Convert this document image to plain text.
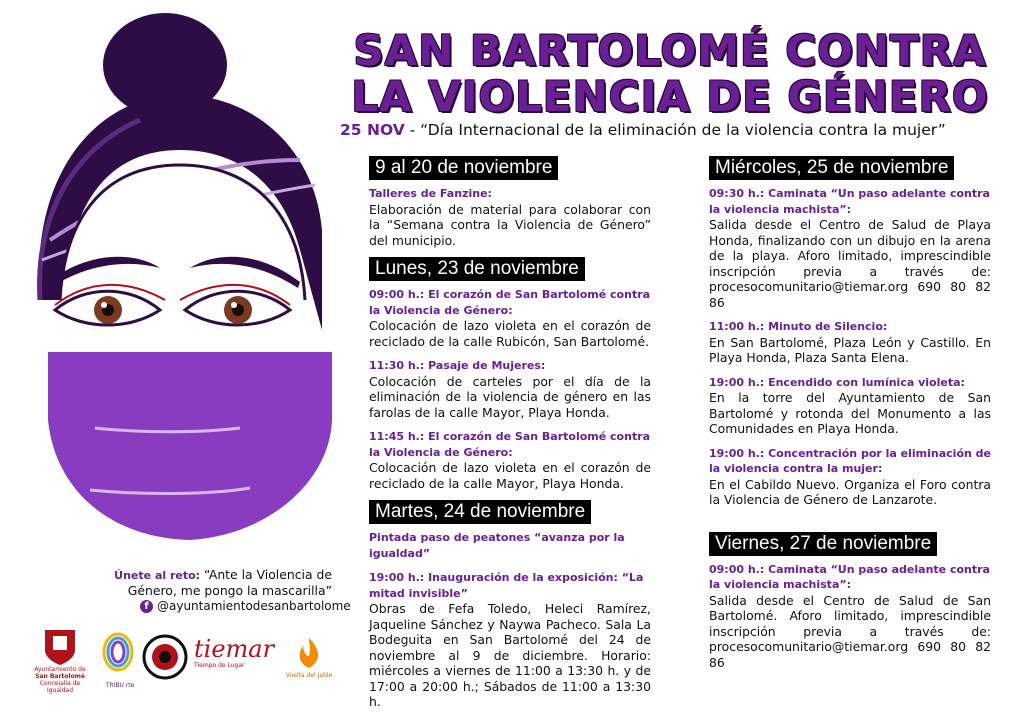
SAN BARTOLOMÉ CONTRA
LA VIOLENCIA DE GÉNERO
25 NOV - “Día Internacional de la eliminación de la violencia contra la mujer”
9 al 20 de noviembre
Talleres de Fanzine:
Elaboración de material para colaborar con la “Semana contra la Violencia de Género” del municipio.
Lunes, 23 de noviembre
09:00 h.: El corazón de San Bartolomé contra la Violencia de Género:
Colocación de lazo violeta en el corazón de reciclado de la calle Rubicón, San Bartolomé.
11:30 h.: Pasaje de Mujeres:
Colocación de carteles por el día de la eliminación de la violencia de género en las farolas de la calle Mayor, Playa Honda.
11:45 h.: El corazón de San Bartolomé contra la Violencia de Género:
Colocación de lazo violeta en el corazón de reciclado de la calle Mayor, Playa Honda.
Martes, 24 de noviembre
Pintada paso de peatones “avanza por la igualdad”
19:00 h.: Inauguración de la exposición: “La mitad invisible”
Obras de Fefa Toledo, Heleci Ramírez, Jaqueline Sánchez y Naywa Pacheco. Sala La Bodeguita en San Bartolomé del 24 de noviembre al 9 de diciembre. Horario: miércoles a viernes de 11:00 a 13:30 h. y de 17:00 a 20:00 h.; Sábados de 11:00 a 13:30 h.
Miércoles, 25 de noviembre
09:30 h.: Caminata “Un paso adelante contra la violencia machista”:
Salida desde el Centro de Salud de Playa Honda, finalizando con un dibujo en la arena de la playa. Aforo limitado, imprescindible inscripción previa a través de: procesocomunitario@tiemar.org 690 80 82 86
11:00 h.: Minuto de Silencio:
En San Bartolomé, Plaza León y Castillo. En Playa Honda, Plaza Santa Elena.
19:00 h.: Encendido con lumínica violeta:
En la torre del Ayuntamiento de San Bartolomé y rotonda del Monumento a las Comunidades en Playa Honda.
19:00 h.: Concentración por la eliminación de la violencia contra la mujer:
En el Cabildo Nuevo. Organiza el Foro contra la Violencia de Género de Lanzarote.
Viernes, 27 de noviembre
09:00 h.: Caminata “Un paso adelante contra la violencia machista”:
Salida desde el Centro de Salud de San Bartolomé. Aforo limitado, imprescindible inscripción previa a través de: procesocomunitario@tiemar.org 690 80 82 86
Únete al reto: “Ante la Violencia de Género, me pongo la mascarilla”
f @ayuntamientodesanbartolome
Ayuntamiento de
San Bartolomé
Concejalía de Igualdad
TRIBU rte
tiemar
Tiempo de Lugar
Vuelta del Jable
